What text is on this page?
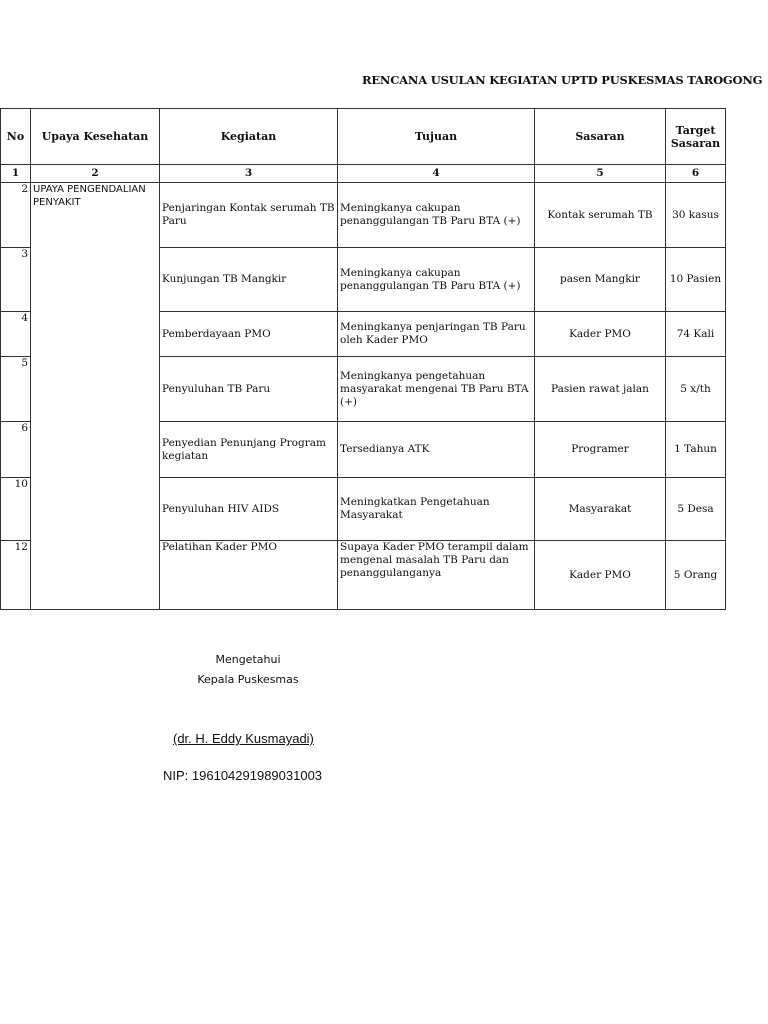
RENCANA USULAN KEGIATAN UPTD PUSKESMAS TAROGONG
No	Upaya Kesehatan	Kegiatan	Tujuan	Sasaran	Target Sasaran
1	2	3	4	5	6
2	UPAYA PENGENDALIAN PENYAKIT	Penjaringan Kontak serumah TB Paru	Meningkanya cakupan penanggulangan TB Paru BTA (+)	Kontak serumah TB	30 kasus
3		Kunjungan TB Mangkir	Meningkanya cakupan penanggulangan TB Paru BTA (+)	pasen Mangkir	10 Pasien
4		Pemberdayaan PMO	Meningkanya penjaringan TB Paru oleh Kader PMO	Kader PMO	74 Kali
5		Penyuluhan TB Paru	Meningkanya pengetahuan masyarakat mengenai TB Paru BTA (+)	Pasien rawat jalan	5 x/th
6		Penyedian Penunjang Program kegiatan	Tersedianya ATK	Programer	1 Tahun
10		Penyuluhan HIV AIDS	Meningkatkan Pengetahuan Masyarakat	Masyarakat	5 Desa
12		Pelatihan Kader PMO	Supaya Kader PMO terampil dalam mengenal masalah TB Paru dan penanggulanganya	Kader PMO	5 Orang
Mengetahui
Kepala Puskesmas
(dr. H. Eddy Kusmayadi)
NIP: 196104291989031003
